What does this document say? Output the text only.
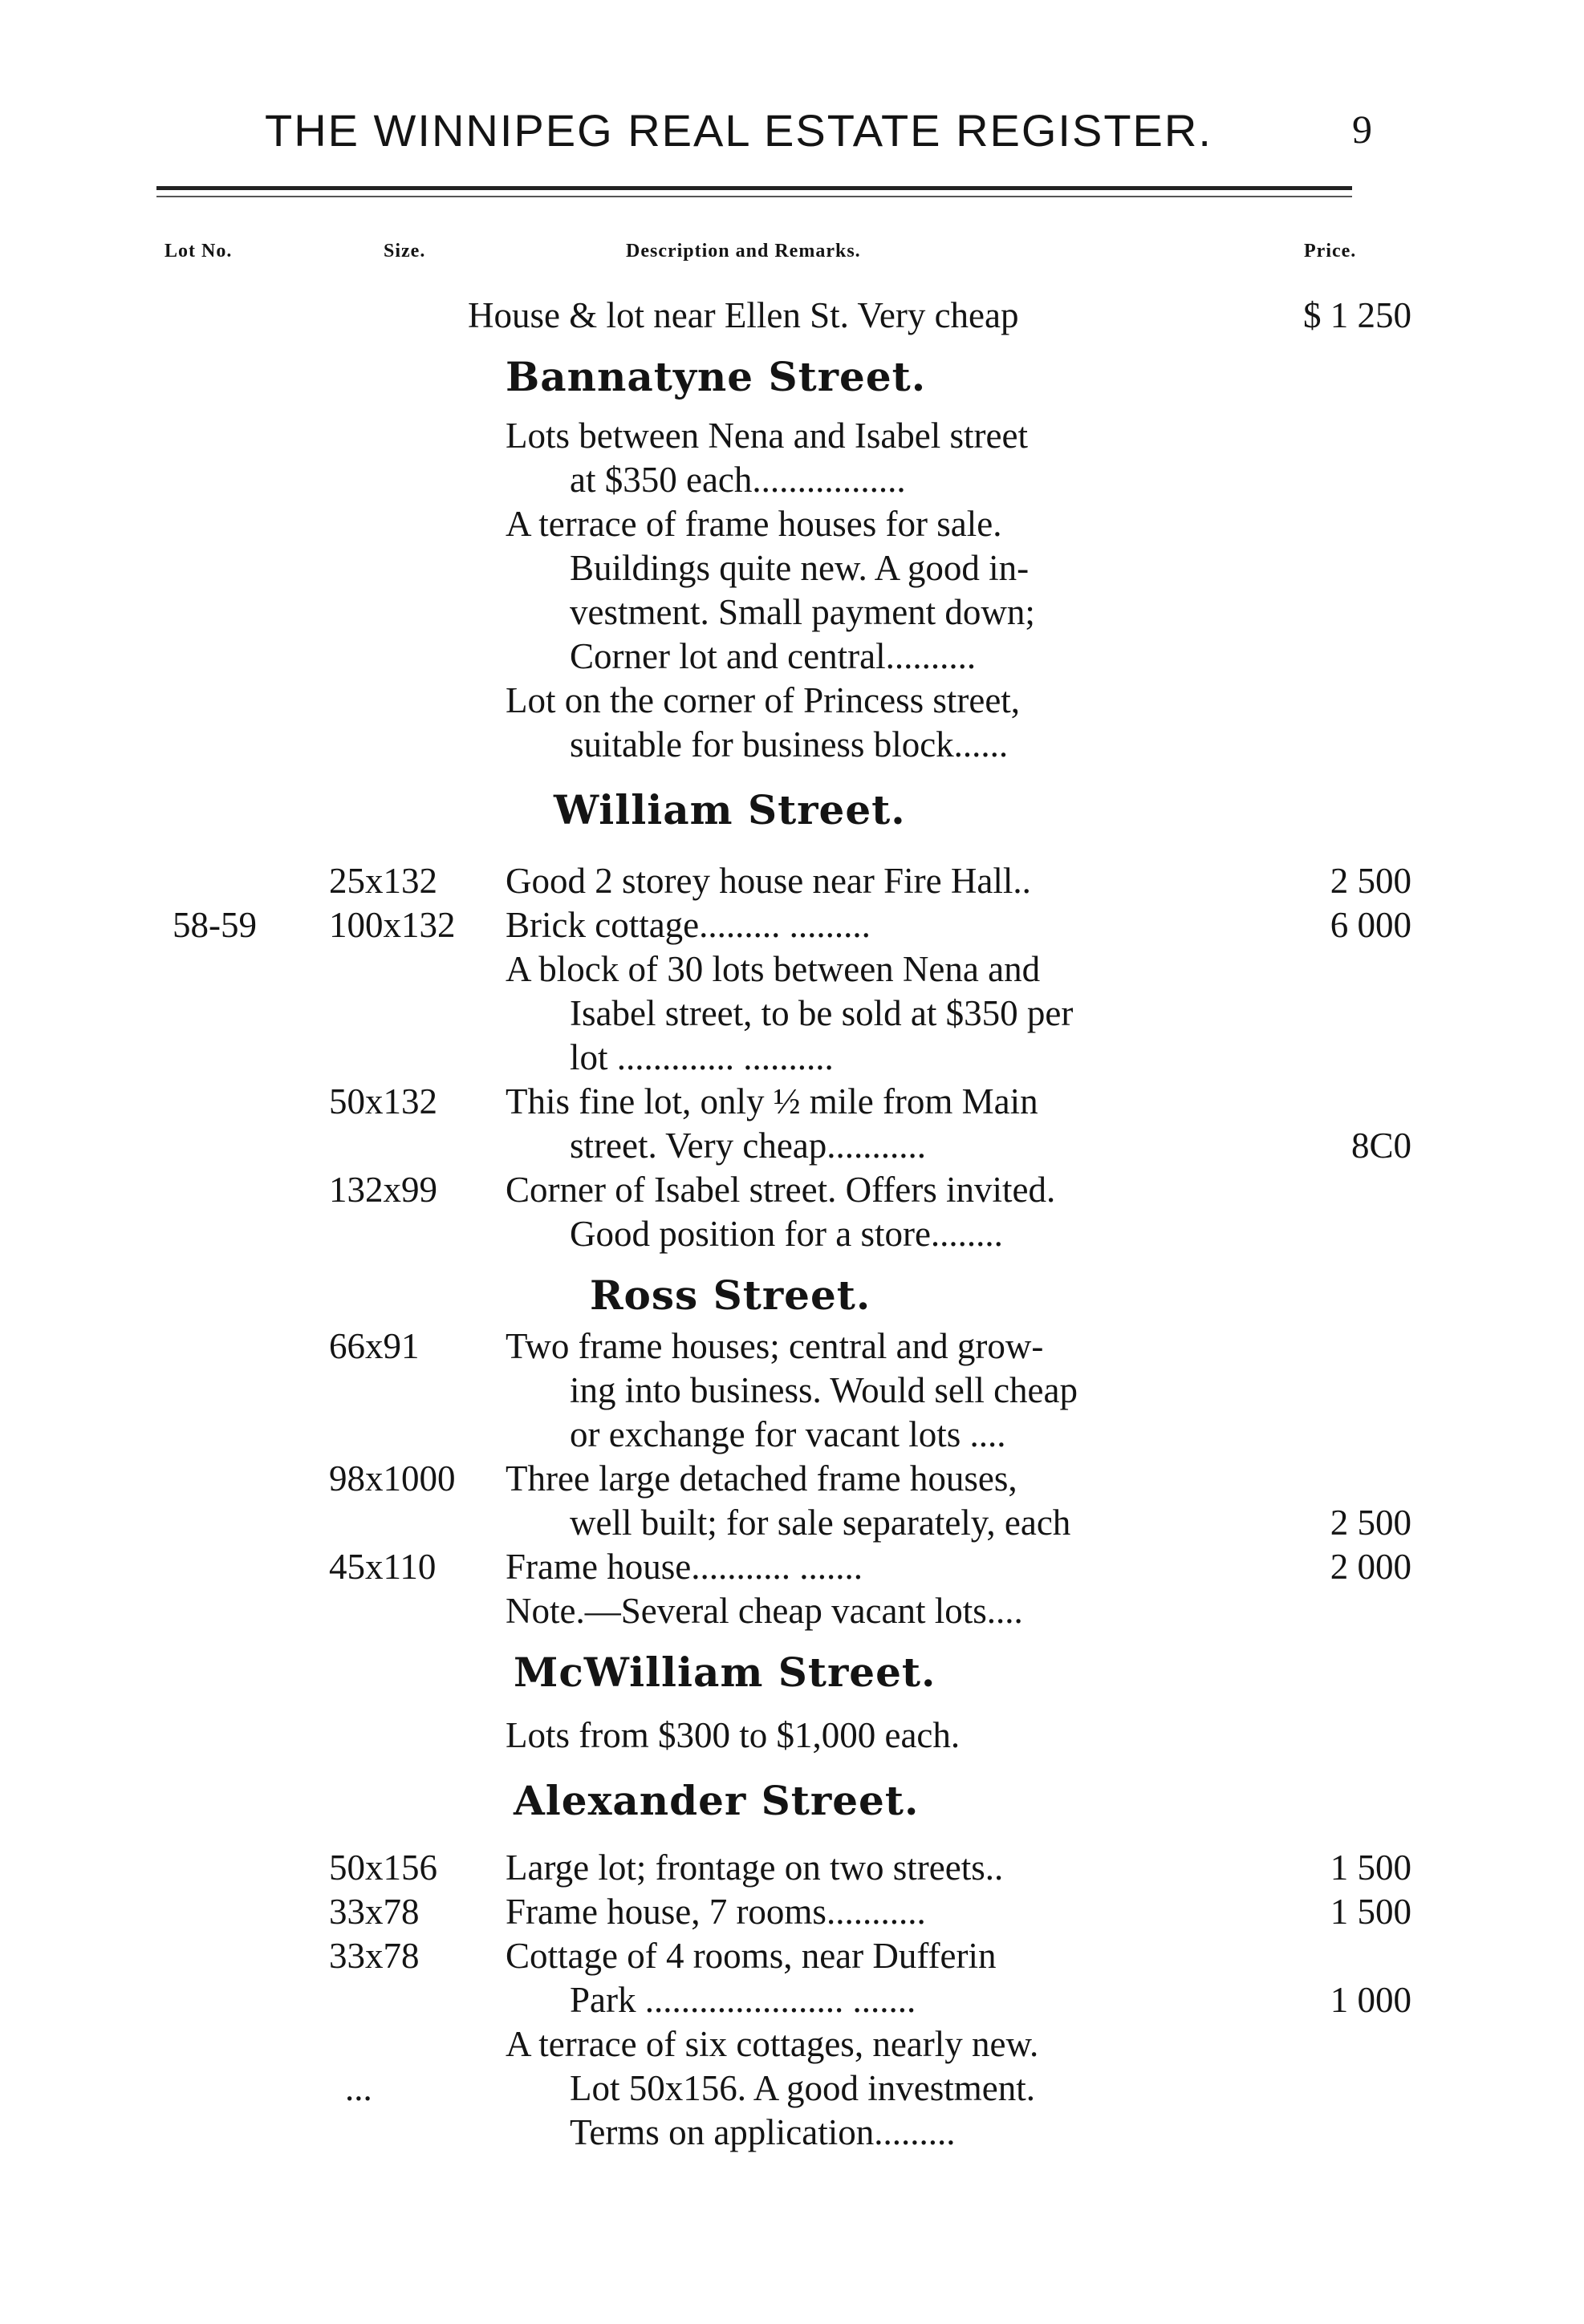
THE WINNIPEG REAL ESTATE REGISTER.	9
Lot No.	Size.	Description and Remarks.	Price.
House & lot near Ellen St. Very cheap	$ 1 250
Bannatyne Street.
Lots between Nena and Isabel street
at $350 each.................
A terrace of frame houses for sale.
Buildings quite new. A good in-
vestment. Small payment down;
Corner lot and central..........
Lot on the corner of Princess street,
suitable for business block......
William Street.
25x132 Good 2 storey house near Fire Hall..	2 500
58-59 100x132 Brick cottage......... .........	6 000
A block of 30 lots between Nena and
Isabel street, to be sold at $350 per
lot ............. ..........
50x132 This fine lot, only ½ mile from Main
street. Very cheap...........	8C0
132x99 Corner of Isabel street. Offers invited.
Good position for a store........
Ross Street.
66x91 Two frame houses; central and grow-
ing into business. Would sell cheap
or exchange for vacant lots ....
98x1000 Three large detached frame houses,
well built; for sale separately, each	2 500
45x110 Frame house........... .......	2 000
Note.—Several cheap vacant lots....
McWilliam Street.
Lots from $300 to $1,000 each.
Alexander Street.
50x156 Large lot; frontage on two streets..	1 500
33x78 Frame house, 7 rooms...........	1 500
33x78 Cottage of 4 rooms, near Dufferin
Park ...................... .......	1 000
A terrace of six cottages, nearly new.
...	Lot 50x156. A good investment.
Terms on application.........
